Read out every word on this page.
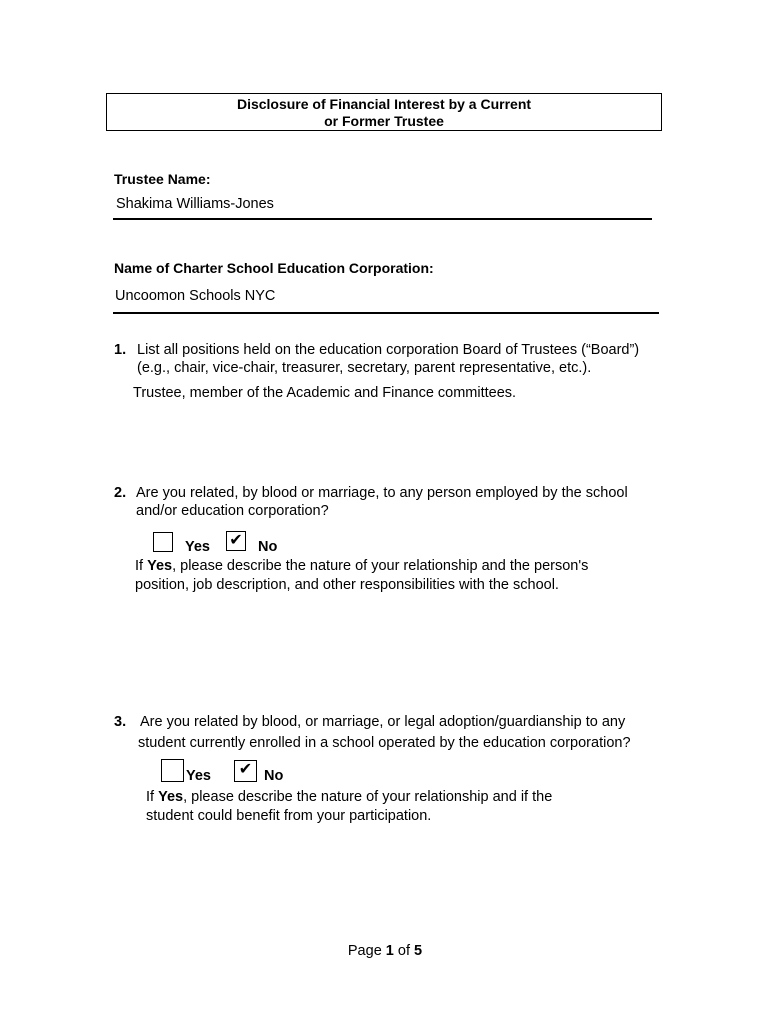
Disclosure of Financial Interest by a Current
or Former Trustee
Trustee Name:
Shakima Williams-Jones
Name of Charter School Education Corporation:
Uncoomon Schools NYC
1. List all positions held on the education corporation Board of Trustees (“Board”)
(e.g., chair, vice-chair, treasurer, secretary, parent representative, etc.).
Trustee, member of the Academic and Finance committees.
2. Are you related, by blood or marriage, to any person employed by the school
and/or education corporation?
Yes ✔ No
If Yes, please describe the nature of your relationship and the person's
position, job description, and other responsibilities with the school.
3. Are you related by blood, or marriage, or legal adoption/guardianship to any
student currently enrolled in a school operated by the education corporation?
Yes ✔ No
If Yes, please describe the nature of your relationship and if the
student could benefit from your participation.
Page 1 of 5
